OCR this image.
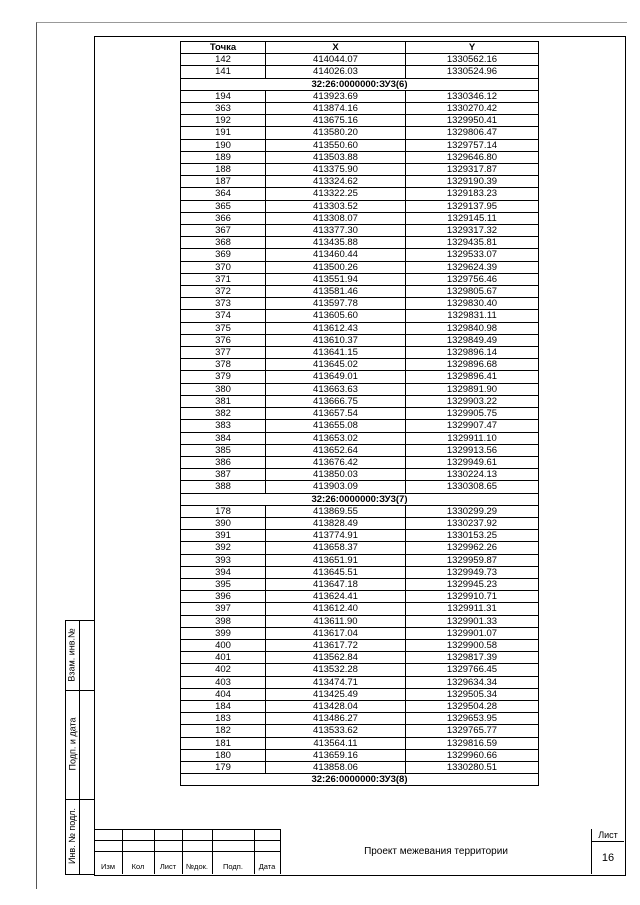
Точка	X	Y
142	414044.07	1330562.16
141	414026.03	1330524.96
32:26:0000000:ЗУ3(6)		
194	413923.69	1330346.12
363	413874.16	1330270.42
192	413675.16	1329950.41
191	413580.20	1329806.47
190	413550.60	1329757.14
189	413503.88	1329646.80
188	413375.90	1329317.87
187	413324.62	1329190.39
364	413322.25	1329183.23
365	413303.52	1329137.95
366	413308.07	1329145.11
367	413377.30	1329317.32
368	413435.88	1329435.81
369	413460.44	1329533.07
370	413500.26	1329624.39
371	413551.94	1329756.46
372	413581.46	1329805.67
373	413597.78	1329830.40
374	413605.60	1329831.11
375	413612.43	1329840.98
376	413610.37	1329849.49
377	413641.15	1329896.14
378	413645.02	1329896.68
379	413649.01	1329896.41
380	413663.63	1329891.90
381	413666.75	1329903.22
382	413657.54	1329905.75
383	413655.08	1329907.47
384	413653.02	1329911.10
385	413652.64	1329913.56
386	413676.42	1329949.61
387	413850.03	1330224.13
388	413903.09	1330308.65
32:26:0000000:ЗУ3(7)		
178	413869.55	1330299.29
390	413828.49	1330237.92
391	413774.91	1330153.25
392	413658.37	1329962.26
393	413651.91	1329959.87
394	413645.51	1329949.73
395	413647.18	1329945.23
396	413624.41	1329910.71
397	413612.40	1329911.31
398	413611.90	1329901.33
399	413617.04	1329901.07
400	413617.72	1329900.58
401	413562.84	1329817.39
402	413532.28	1329766.45
403	413474.71	1329634.34
404	413425.49	1329505.34
184	413428.04	1329504.28
183	413486.27	1329653.95
182	413533.62	1329765.77
181	413564.11	1329816.59
180	413659.16	1329960.66
179	413858.06	1330280.51
32:26:0000000:ЗУ3(8)		
Взам. инв.№
Подп. и дата
Инв. № подл.
Изм	Кол	Лист	№док.	Подп.	Дата
Проект межевания территории
Лист
16
